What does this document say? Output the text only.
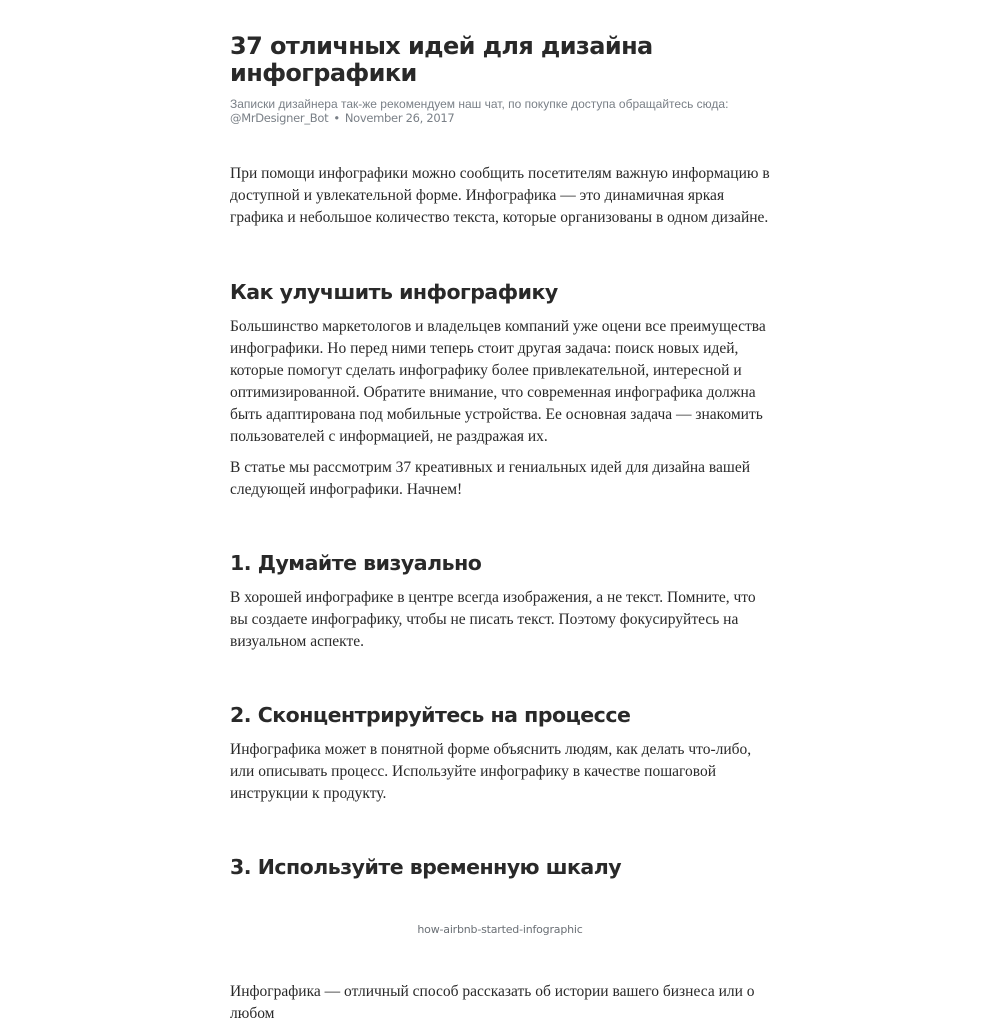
37 отличных идей для дизайна инфографики
Записки дизайнера так-же рекомендуем наш чат, по покупке доступа обращайтесь сюда:
@MrDesigner_Bot • November 26, 2017

При помощи инфографики можно сообщить посетителям важную информацию в доступной и увлекательной форме. Инфографика — это динамичная яркая графика и небольшое количество текста, которые организованы в одном дизайне.

Как улучшить инфографику

Большинство маркетологов и владельцев компаний уже оцени все преимущества инфографики. Но перед ними теперь стоит другая задача: поиск новых идей, которые помогут сделать инфографику более привлекательной, интересной и оптимизированной. Обратите внимание, что современная инфографика должна быть адаптирована под мобильные устройства. Ее основная задача — знакомить пользователей с информацией, не раздражая их.

В статье мы рассмотрим 37 креативных и гениальных идей для дизайна вашей следующей инфографики. Начнем!

1. Думайте визуально

В хорошей инфографике в центре всегда изображения, а не текст. Помните, что вы создаете инфографику, чтобы не писать текст. Поэтому фокусируйтесь на визуальном аспекте.

2. Сконцентрируйтесь на процессе

Инфографика может в понятной форме объяснить людям, как делать что-либо, или описывать процесс. Используйте инфографику в качестве пошаговой инструкции к продукту.

3. Используйте временную шкалу
how-airbnb-started-infographic

Инфографика — отличный способ рассказать об истории вашего бизнеса или о любом
